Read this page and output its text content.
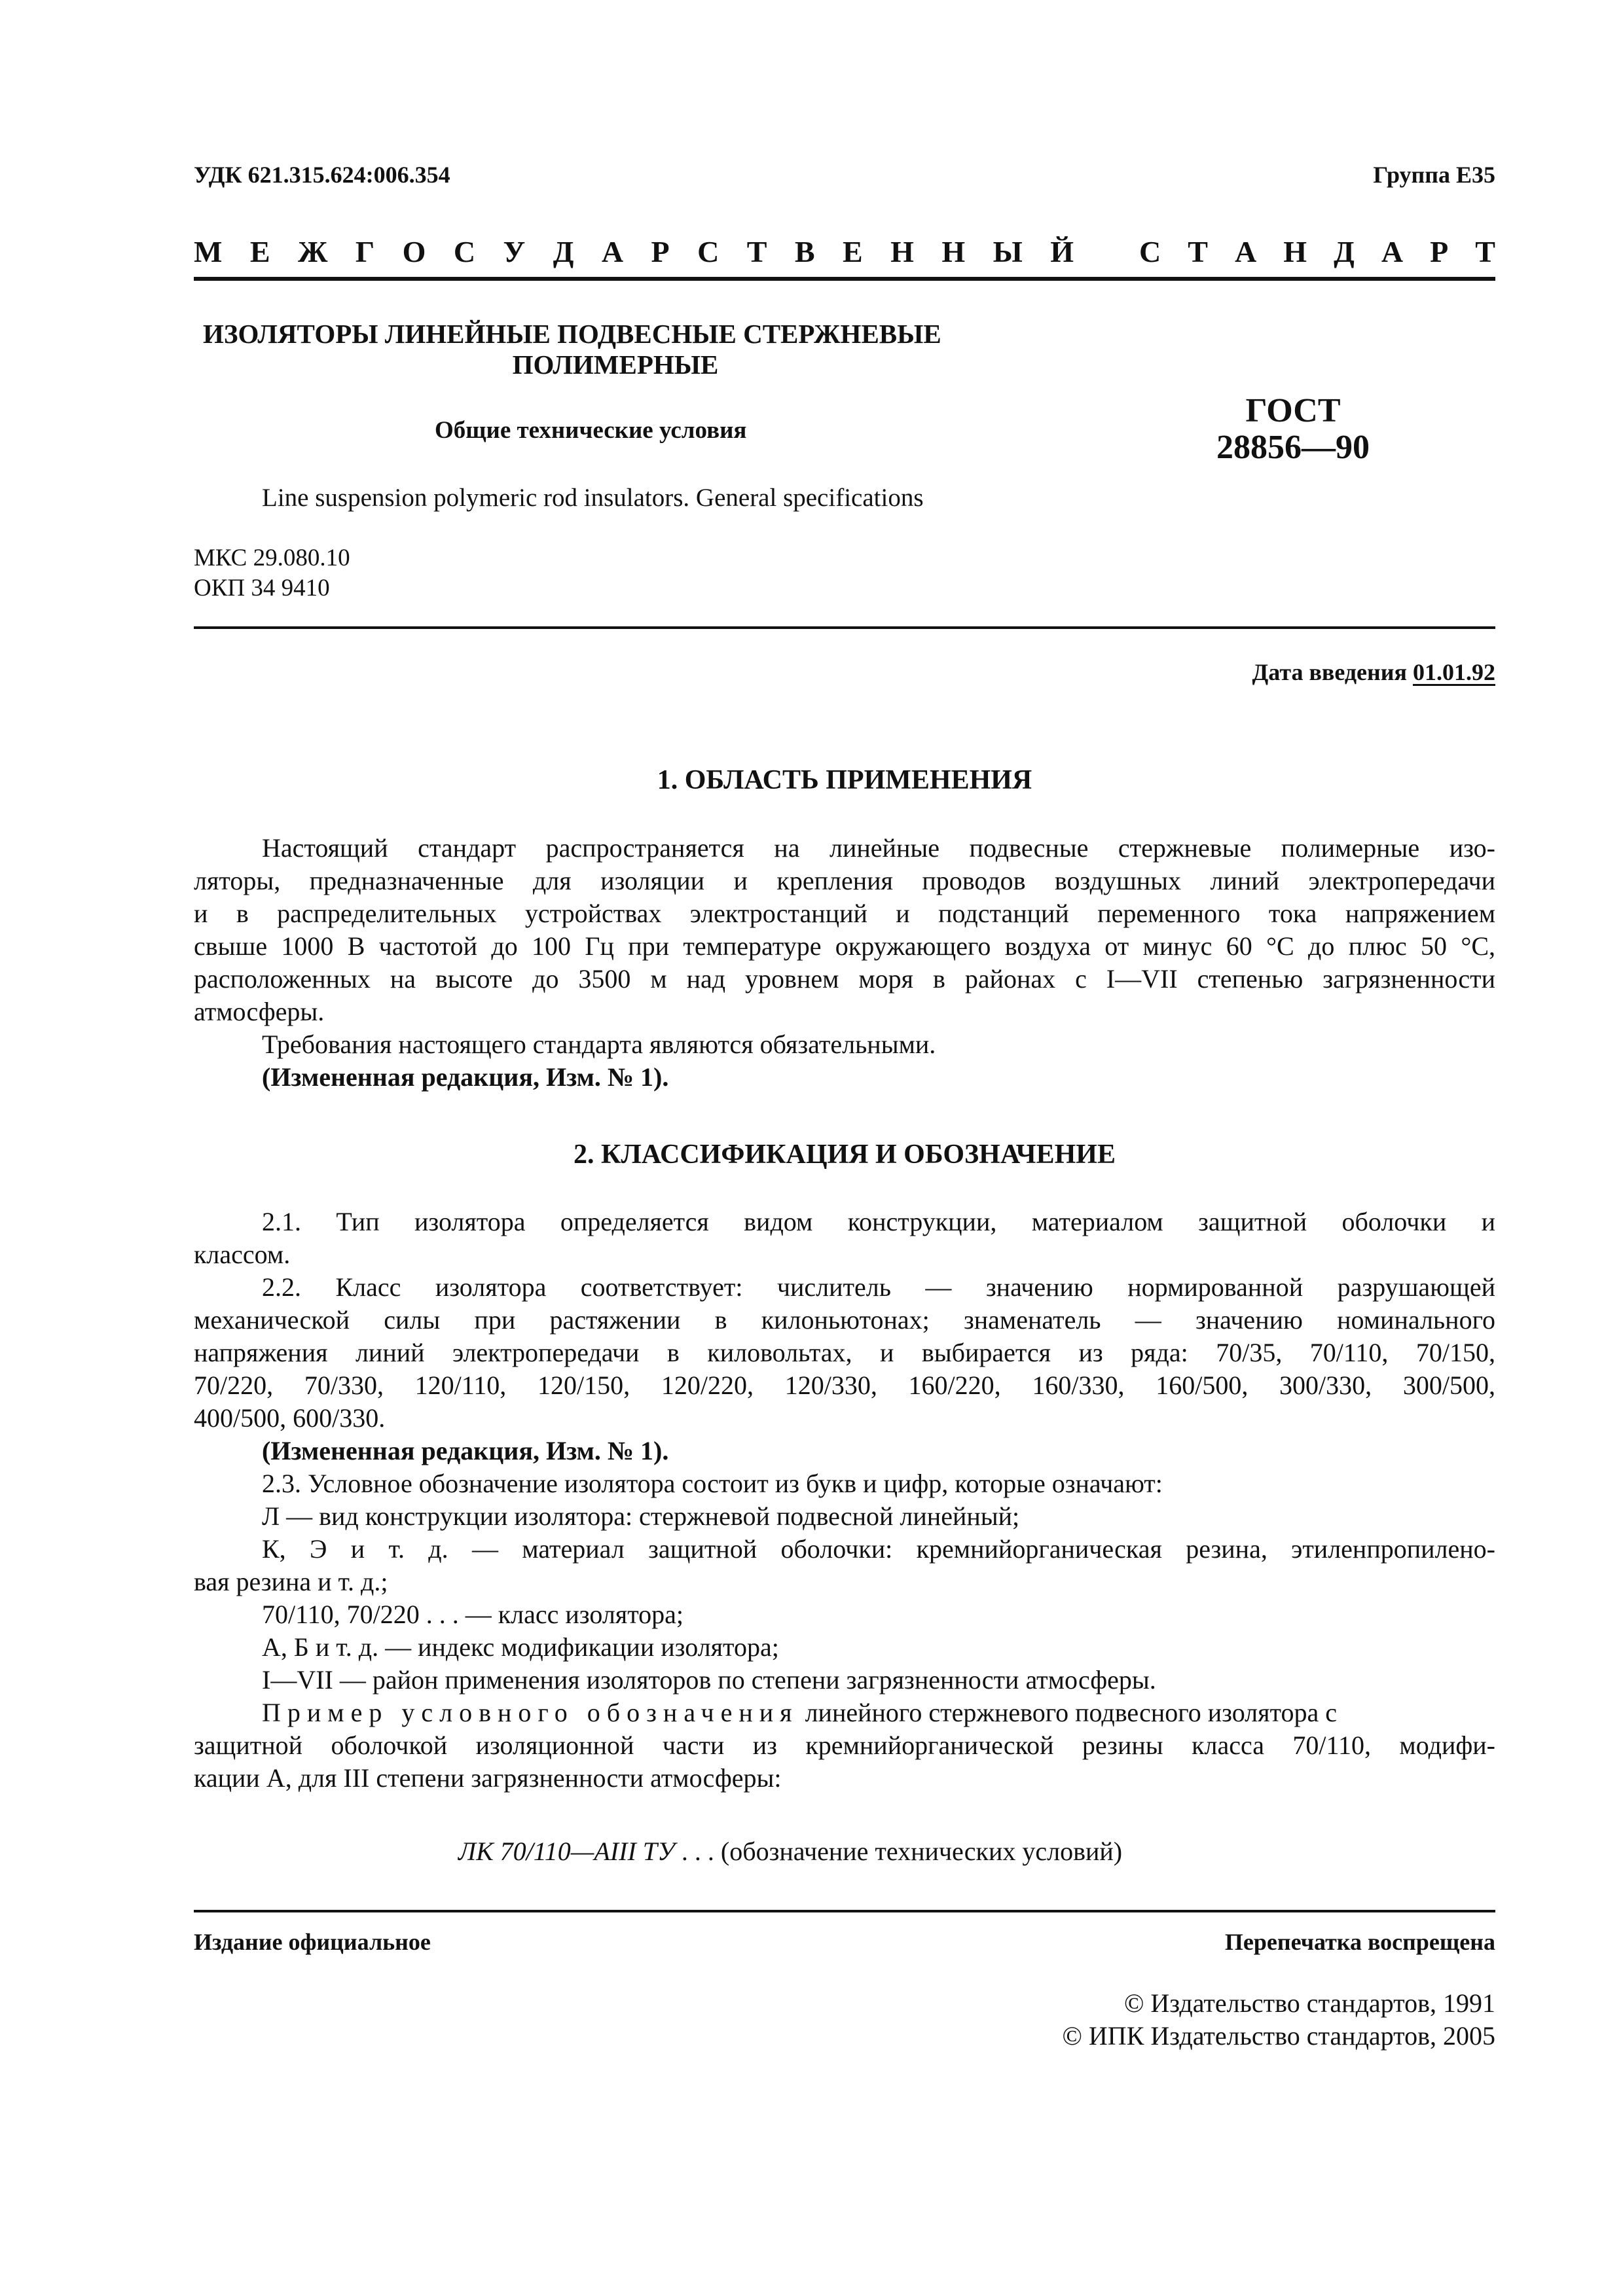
УДК 621.315.624:006.354	Группа Е35
М Е Ж Г О С У Д А Р С Т В Е Н Н Ы Й С Т А Н Д А Р Т
ИЗОЛЯТОРЫ ЛИНЕЙНЫЕ ПОДВЕСНЫЕ СТЕРЖНЕВЫЕ
ПОЛИМЕРНЫЕ
Общие технические условия
ГОСТ
28856—90
Line suspension polymeric rod insulators. General specifications
МКС 29.080.10
ОКП 34 9410
Дата введения 01.01.92
1. ОБЛАСТЬ ПРИМЕНЕНИЯ
Настоящий стандарт распространяется на линейные подвесные стержневые полимерные изо-
ляторы, предназначенные для изоляции и крепления проводов воздушных линий электропередачи
и в распределительных устройствах электростанций и подстанций переменного тока напряжением
свыше 1000 В частотой до 100 Гц при температуре окружающего воздуха от минус 60 °С до плюс 50 °С,
расположенных на высоте до 3500 м над уровнем моря в районах с I—VII степенью загрязненности
атмосферы.
Требования настоящего стандарта являются обязательными.
(Измененная редакция, Изм. № 1).
2. КЛАССИФИКАЦИЯ И ОБОЗНАЧЕНИЕ
2.1. Тип изолятора определяется видом конструкции, материалом защитной оболочки и
классом.
2.2. Класс изолятора соответствует: числитель — значению нормированной разрушающей
механической силы при растяжении в килоньютонах; знаменатель — значению номинального
напряжения линий электропередачи в киловольтах, и выбирается из ряда: 70/35, 70/110, 70/150,
70/220, 70/330, 120/110, 120/150, 120/220, 120/330, 160/220, 160/330, 160/500, 300/330, 300/500,
400/500, 600/330.
(Измененная редакция, Изм. № 1).
2.3. Условное обозначение изолятора состоит из букв и цифр, которые означают:
Л — вид конструкции изолятора: стержневой подвесной линейный;
К, Э и т. д. — материал защитной оболочки: кремнийорганическая резина, этиленпропилено-
вая резина и т. д.;
70/110, 70/220 . . . — класс изолятора;
А, Б и т. д. — индекс модификации изолятора;
I—VII — район применения изоляторов по степени загрязненности атмосферы.
Пример условного обозначения линейного стержневого подвесного изолятора с
защитной оболочкой изоляционной части из кремнийорганической резины класса 70/110, модифи-
кации А, для III степени загрязненности атмосферы:
ЛК 70/110—АIII ТУ . . . (обозначение технических условий)
Издание официальное	Перепечатка воспрещена
© Издательство стандартов, 1991
© ИПК Издательство стандартов, 2005
